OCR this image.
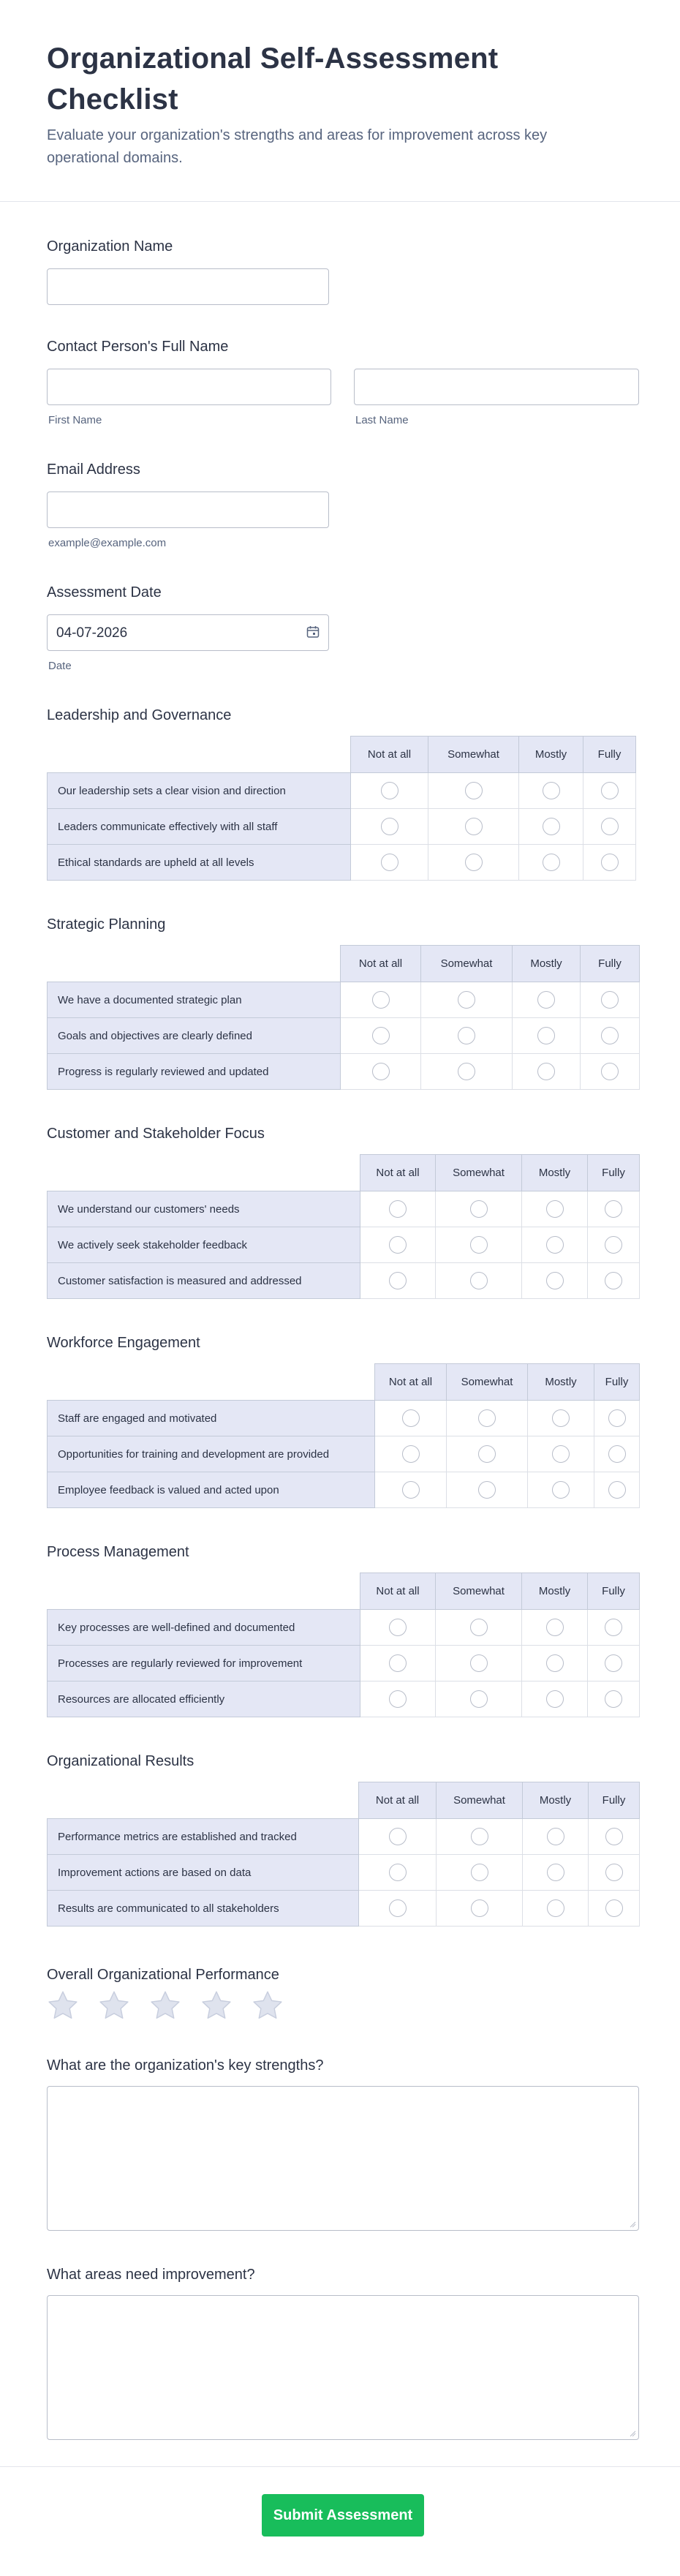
Organizational Self-Assessment Checklist

Evaluate your organization's strengths and areas for improvement across key operational domains.

Organization Name
Contact Person's Full Name
First Name	Last Name
Email Address
example@example.com
Assessment Date
04-07-2026
Date
Leadership and Governance
	Not at all	Somewhat	Mostly	Fully
Our leadership sets a clear vision and direction				
Leaders communicate effectively with all staff				
Ethical standards are upheld at all levels				
Strategic Planning
	Not at all	Somewhat	Mostly	Fully
We have a documented strategic plan				
Goals and objectives are clearly defined				
Progress is regularly reviewed and updated				
Customer and Stakeholder Focus
	Not at all	Somewhat	Mostly	Fully
We understand our customers' needs				
We actively seek stakeholder feedback				
Customer satisfaction is measured and addressed				
Workforce Engagement
	Not at all	Somewhat	Mostly	Fully
Staff are engaged and motivated				
Opportunities for training and development are provided				
Employee feedback is valued and acted upon				
Process Management
	Not at all	Somewhat	Mostly	Fully
Key processes are well-defined and documented				
Processes are regularly reviewed for improvement				
Resources are allocated efficiently				
Organizational Results
	Not at all	Somewhat	Mostly	Fully
Performance metrics are established and tracked				
Improvement actions are based on data				
Results are communicated to all stakeholders				
Overall Organizational Performance
What are the organization's key strengths?
What areas need improvement?
Submit Assessment
